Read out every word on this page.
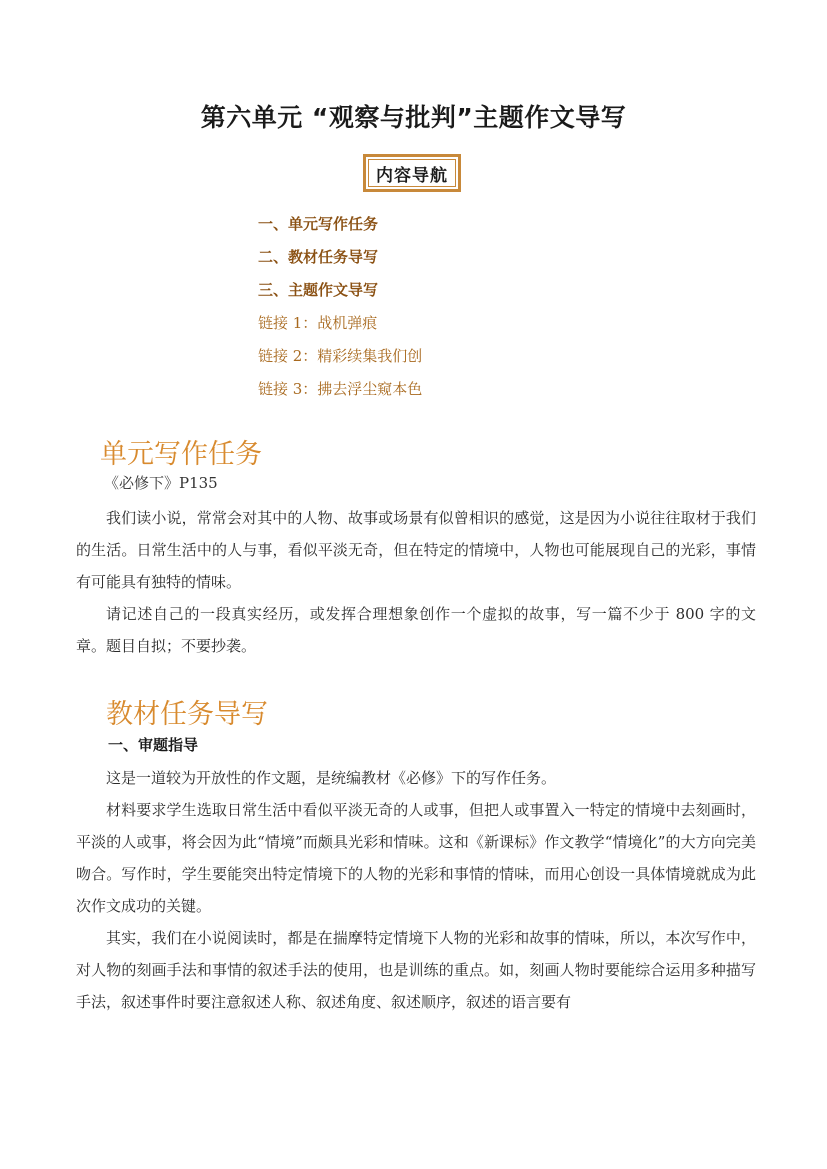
第六单元 “观察与批判”主题作文导写
内容导航
一、单元写作任务
二、教材任务导写
三、主题作文导写
链接 1：战机弹痕
链接 2：精彩续集我们创
链接 3：拂去浮尘窥本色
单元写作任务
《必修下》P135

我们读小说，常常会对其中的人物、故事或场景有似曾相识的感觉，这是因为小说往往取材于我们的生活。日常生活中的人与事，看似平淡无奇，但在特定的情境中，人物也可能展现自己的光彩，事情有可能具有独特的情味。

请记述自己的一段真实经历，或发挥合理想象创作一个虚拟的故事，写一篇不少于 800 字的文章。题目自拟；不要抄袭。

教材任务导写
一、审题指导

这是一道较为开放性的作文题，是统编教材《必修》下的写作任务。

材料要求学生选取日常生活中看似平淡无奇的人或事，但把人或事置入一特定的情境中去刻画时，平淡的人或事，将会因为此“情境”而颇具光彩和情味。这和《新课标》作文教学“情境化”的大方向完美吻合。写作时，学生要能突出特定情境下的人物的光彩和事情的情味，而用心创设一具体情境就成为此次作文成功的关键。

其实，我们在小说阅读时，都是在揣摩特定情境下人物的光彩和故事的情味，所以，本次写作中，对人物的刻画手法和事情的叙述手法的使用，也是训练的重点。如，刻画人物时要能综合运用多种描写手法，叙述事件时要注意叙述人称、叙述角度、叙述顺序，叙述的语言要有
